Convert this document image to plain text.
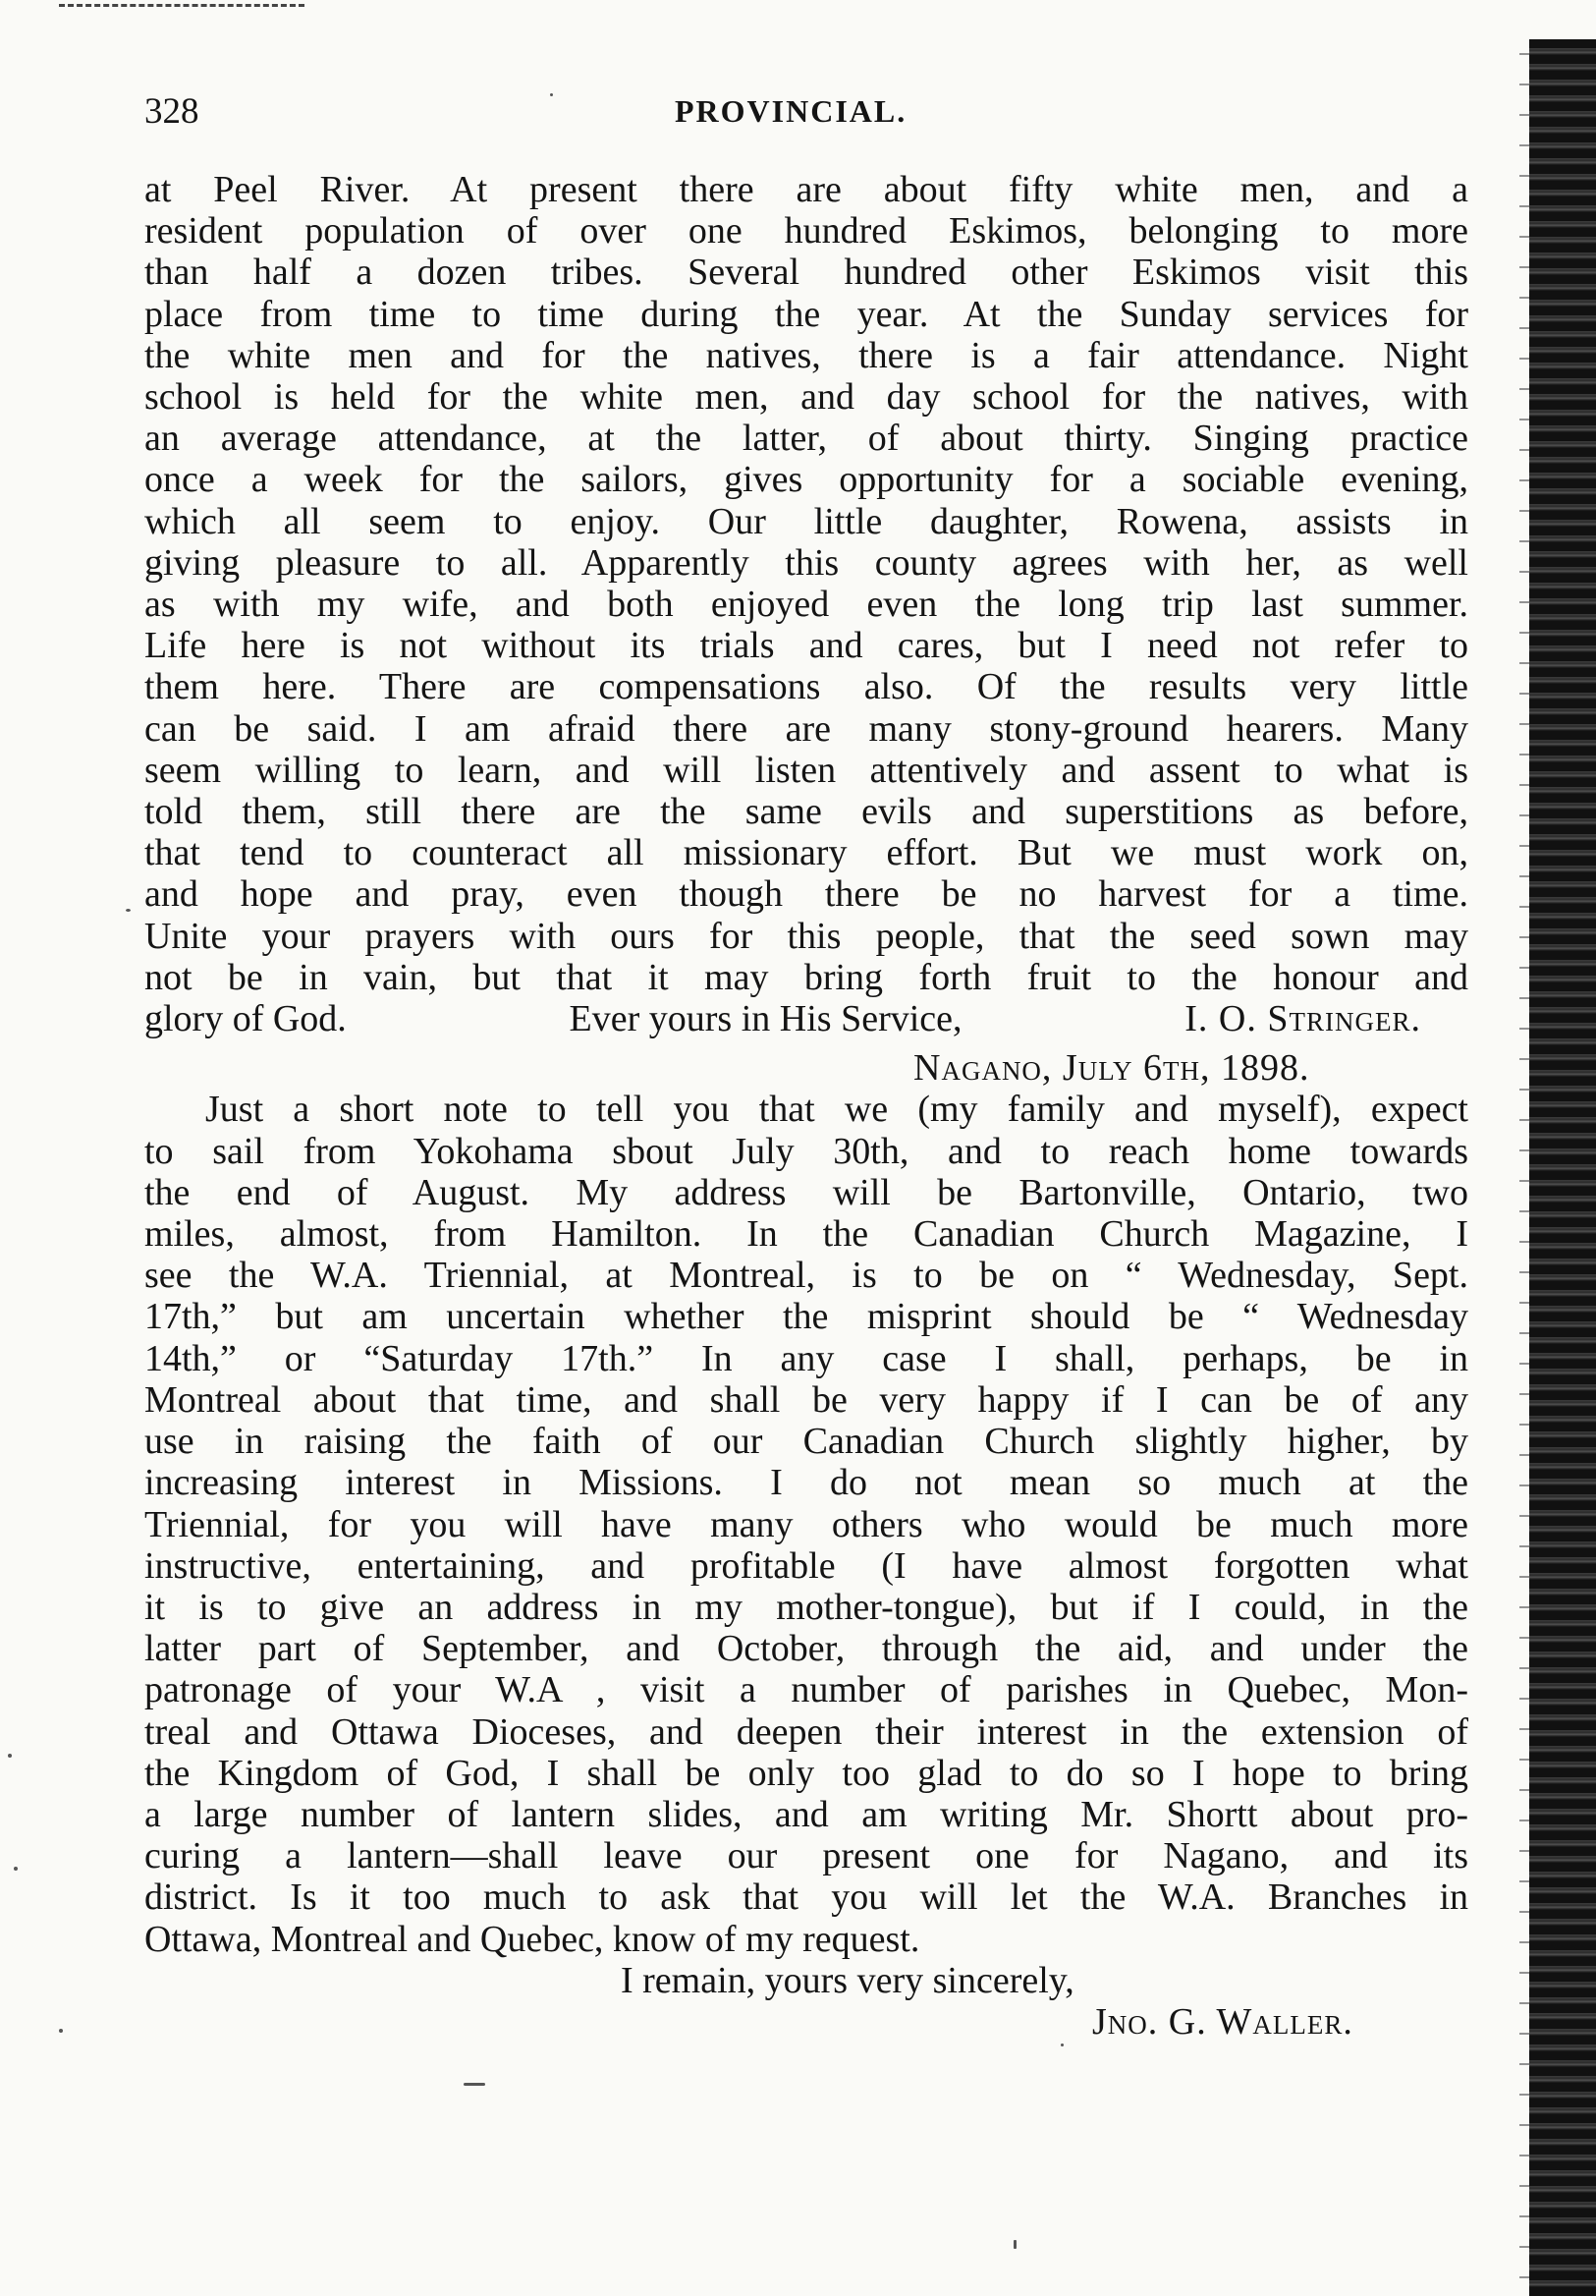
328	PROVINCIAL.
at Peel River. At present there are about fifty white men, and a
resident population of over one hundred Eskimos, belonging to more
than half a dozen tribes. Several hundred other Eskimos visit this
place from time to time during the year. At the Sunday services for
the white men and for the natives, there is a fair attendance. Night
school is held for the white men, and day school for the natives, with
an average attendance, at the latter, of about thirty. Singing practice
once a week for the sailors, gives opportunity for a sociable evening,
which all seem to enjoy. Our little daughter, Rowena, assists in
giving pleasure to all. Apparently this county agrees with her, as well
as with my wife, and both enjoyed even the long trip last summer.
Life here is not without its trials and cares, but I need not refer to
them here. There are compensations also. Of the results very little
can be said. I am afraid there are many stony-ground hearers. Many
seem willing to learn, and will listen attentively and assent to what is
told them, still there are the same evils and superstitions as before,
that tend to counteract all missionary effort. But we must work on,
and hope and pray, even though there be no harvest for a time.
Unite your prayers with ours for this people, that the seed sown may
not be in vain, but that it may bring forth fruit to the honour and
glory of God.	Ever yours in His Service,	I. O. Stringer.
Nagano, July 6th, 1898.
Just a short note to tell you that we (my family and myself), expect
to sail from Yokohama sbout July 30th, and to reach home towards
the end of August. My address will be Bartonville, Ontario, two
miles, almost, from Hamilton. In the Canadian Church Magazine, I
see the W.A. Triennial, at Montreal, is to be on “ Wednesday, Sept.
17th,” but am uncertain whether the misprint should be “ Wednesday
14th,” or “Saturday 17th.” In any case I shall, perhaps, be in
Montreal about that time, and shall be very happy if I can be of any
use in raising the faith of our Canadian Church slightly higher, by
increasing interest in Missions. I do not mean so much at the
Triennial, for you will have many others who would be much more
instructive, entertaining, and profitable (I have almost forgotten what
it is to give an address in my mother-tongue), but if I could, in the
latter part of September, and October, through the aid, and under the
patronage of your W.A , visit a number of parishes in Quebec, Mon-
treal and Ottawa Dioceses, and deepen their interest in the extension of
the Kingdom of God, I shall be only too glad to do so I hope to bring
a large number of lantern slides, and am writing Mr. Shortt about pro-
curing a lantern—shall leave our present one for Nagano, and its
district. Is it too much to ask that you will let the W.A. Branches in
Ottawa, Montreal and Quebec, know of my request.
I remain, yours very sincerely,
Jno. G. Waller.
